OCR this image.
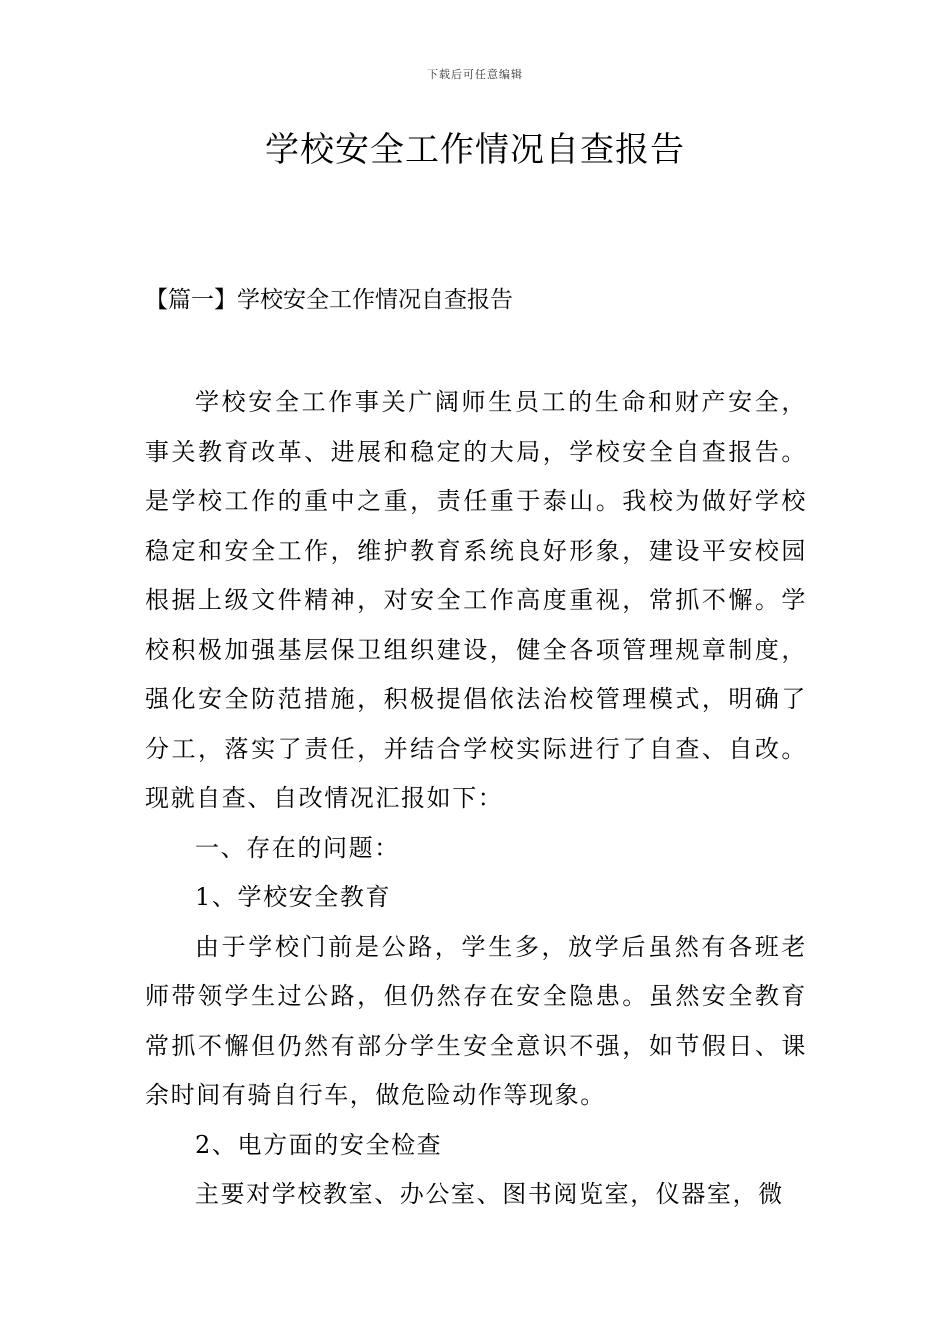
下载后可任意编辑
学校安全工作情况自查报告
【篇一】学校安全工作情况自查报告

学校安全工作事关广阔师生员工的生命和财产安全，事关教育改革、进展和稳定的大局，学校安全自查报告。是学校工作的重中之重，责任重于泰山。我校为做好学校稳定和安全工作，维护教育系统良好形象，建设平安校园根据上级文件精神，对安全工作高度重视，常抓不懈。学校积极加强基层保卫组织建设，健全各项管理规章制度，强化安全防范措施，积极提倡依法治校管理模式，明确了分工，落实了责任，并结合学校实际进行了自查、自改。现就自查、自改情况汇报如下：

一、存在的问题：

1、学校安全教育

由于学校门前是公路，学生多，放学后虽然有各班老师带领学生过公路，但仍然存在安全隐患。虽然安全教育常抓不懈但仍然有部分学生安全意识不强，如节假日、课余时间有骑自行车，做危险动作等现象。

2、电方面的安全检查

主要对学校教室、办公室、图书阅览室，仪器室，微
